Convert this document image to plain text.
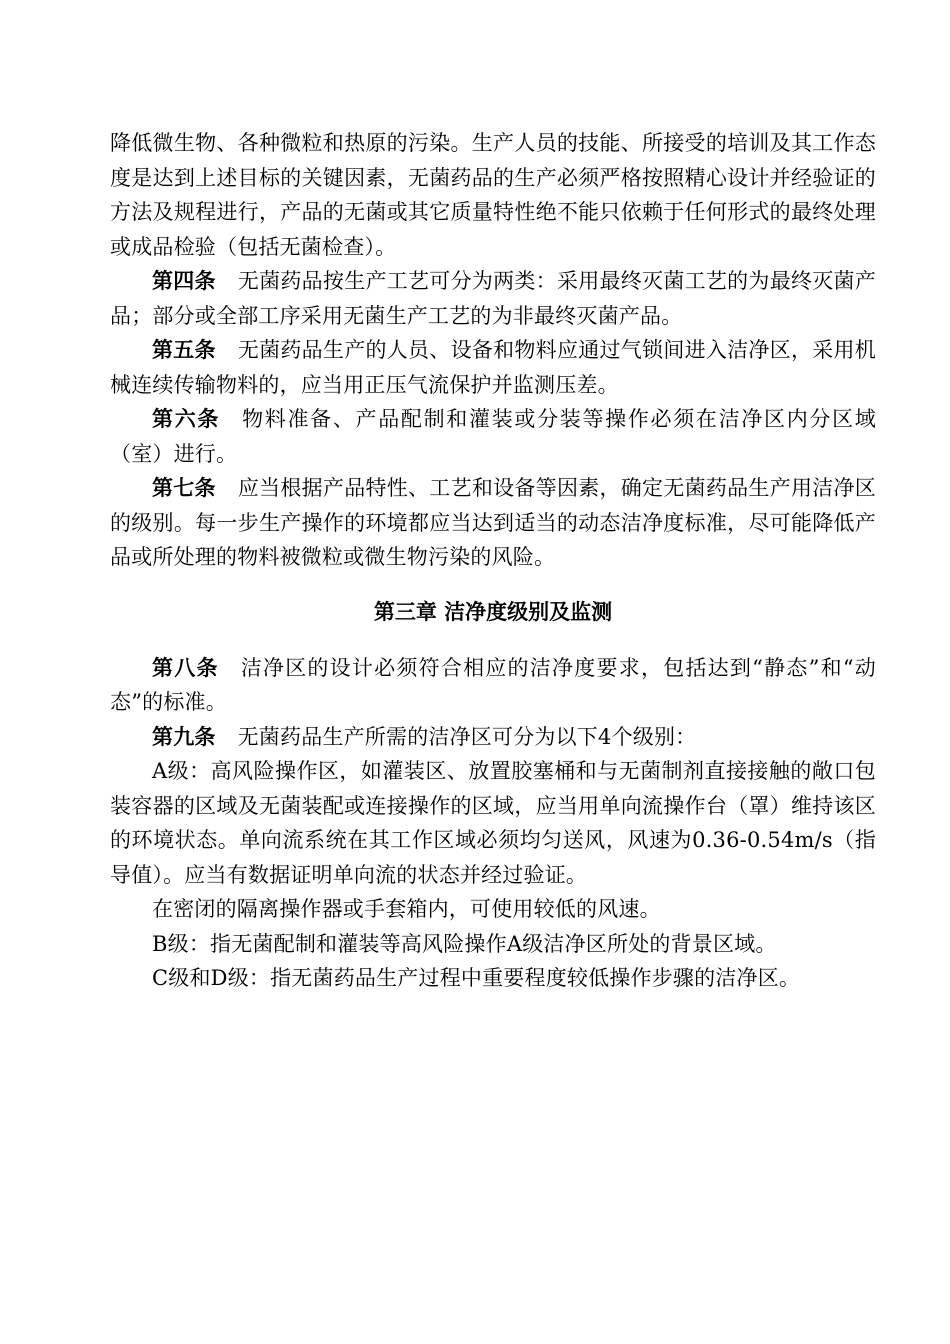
降低微生物、各种微粒和热原的污染。生产人员的技能、所接受的培训及其工作态度是达到上述目标的关键因素，无菌药品的生产必须严格按照精心设计并经验证的方法及规程进行，产品的无菌或其它质量特性绝不能只依赖于任何形式的最终处理或成品检验（包括无菌检查）。

第四条 无菌药品按生产工艺可分为两类：采用最终灭菌工艺的为最终灭菌产品；部分或全部工序采用无菌生产工艺的为非最终灭菌产品。

第五条 无菌药品生产的人员、设备和物料应通过气锁间进入洁净区，采用机械连续传输物料的，应当用正压气流保护并监测压差。

第六条 物料准备、产品配制和灌装或分装等操作必须在洁净区内分区域（室）进行。

第七条 应当根据产品特性、工艺和设备等因素，确定无菌药品生产用洁净区的级别。每一步生产操作的环境都应当达到适当的动态洁净度标准，尽可能降低产品或所处理的物料被微粒或微生物污染的风险。

第三章 洁净度级别及监测

第八条 洁净区的设计必须符合相应的洁净度要求，包括达到“静态”和“动态”的标准。

第九条 无菌药品生产所需的洁净区可分为以下4个级别：

A级：高风险操作区，如灌装区、放置胶塞桶和与无菌制剂直接接触的敞口包装容器的区域及无菌装配或连接操作的区域，应当用单向流操作台（罩）维持该区的环境状态。单向流系统在其工作区域必须均匀送风，风速为0.36-0.54m/s（指导值）。应当有数据证明单向流的状态并经过验证。

在密闭的隔离操作器或手套箱内，可使用较低的风速。

B级：指无菌配制和灌装等高风险操作A级洁净区所处的背景区域。

C级和D级：指无菌药品生产过程中重要程度较低操作步骤的洁净区。
